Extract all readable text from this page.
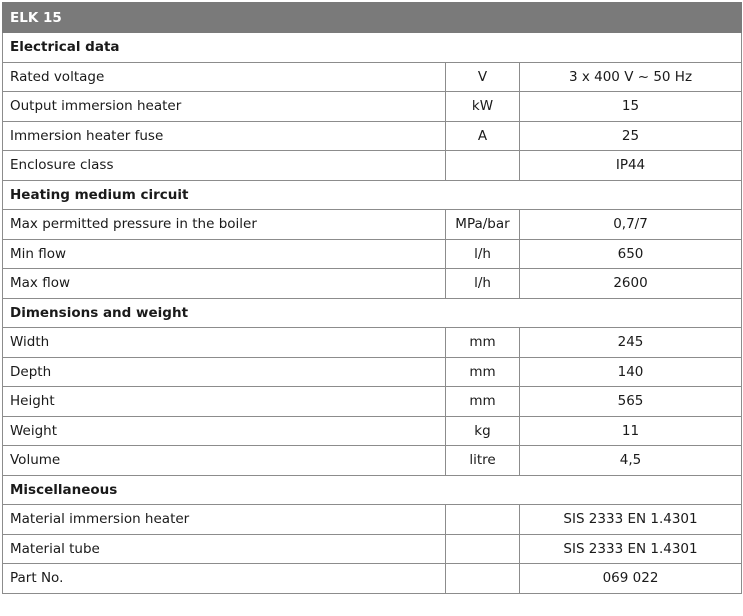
ELK 15		
Electrical data		
Rated voltage	V	3 x 400 V ~ 50 Hz
Output immersion heater	kW	15
Immersion heater fuse	A	25
Enclosure class		IP44
Heating medium circuit		
Max permitted pressure in the boiler	MPa/bar	0,7/7
Min flow	l/h	650
Max flow	l/h	2600
Dimensions and weight		
Width	mm	245
Depth	mm	140
Height	mm	565
Weight	kg	11
Volume	litre	4,5
Miscellaneous		
Material immersion heater		SIS 2333 EN 1.4301
Material tube		SIS 2333 EN 1.4301
Part No.		069 022
